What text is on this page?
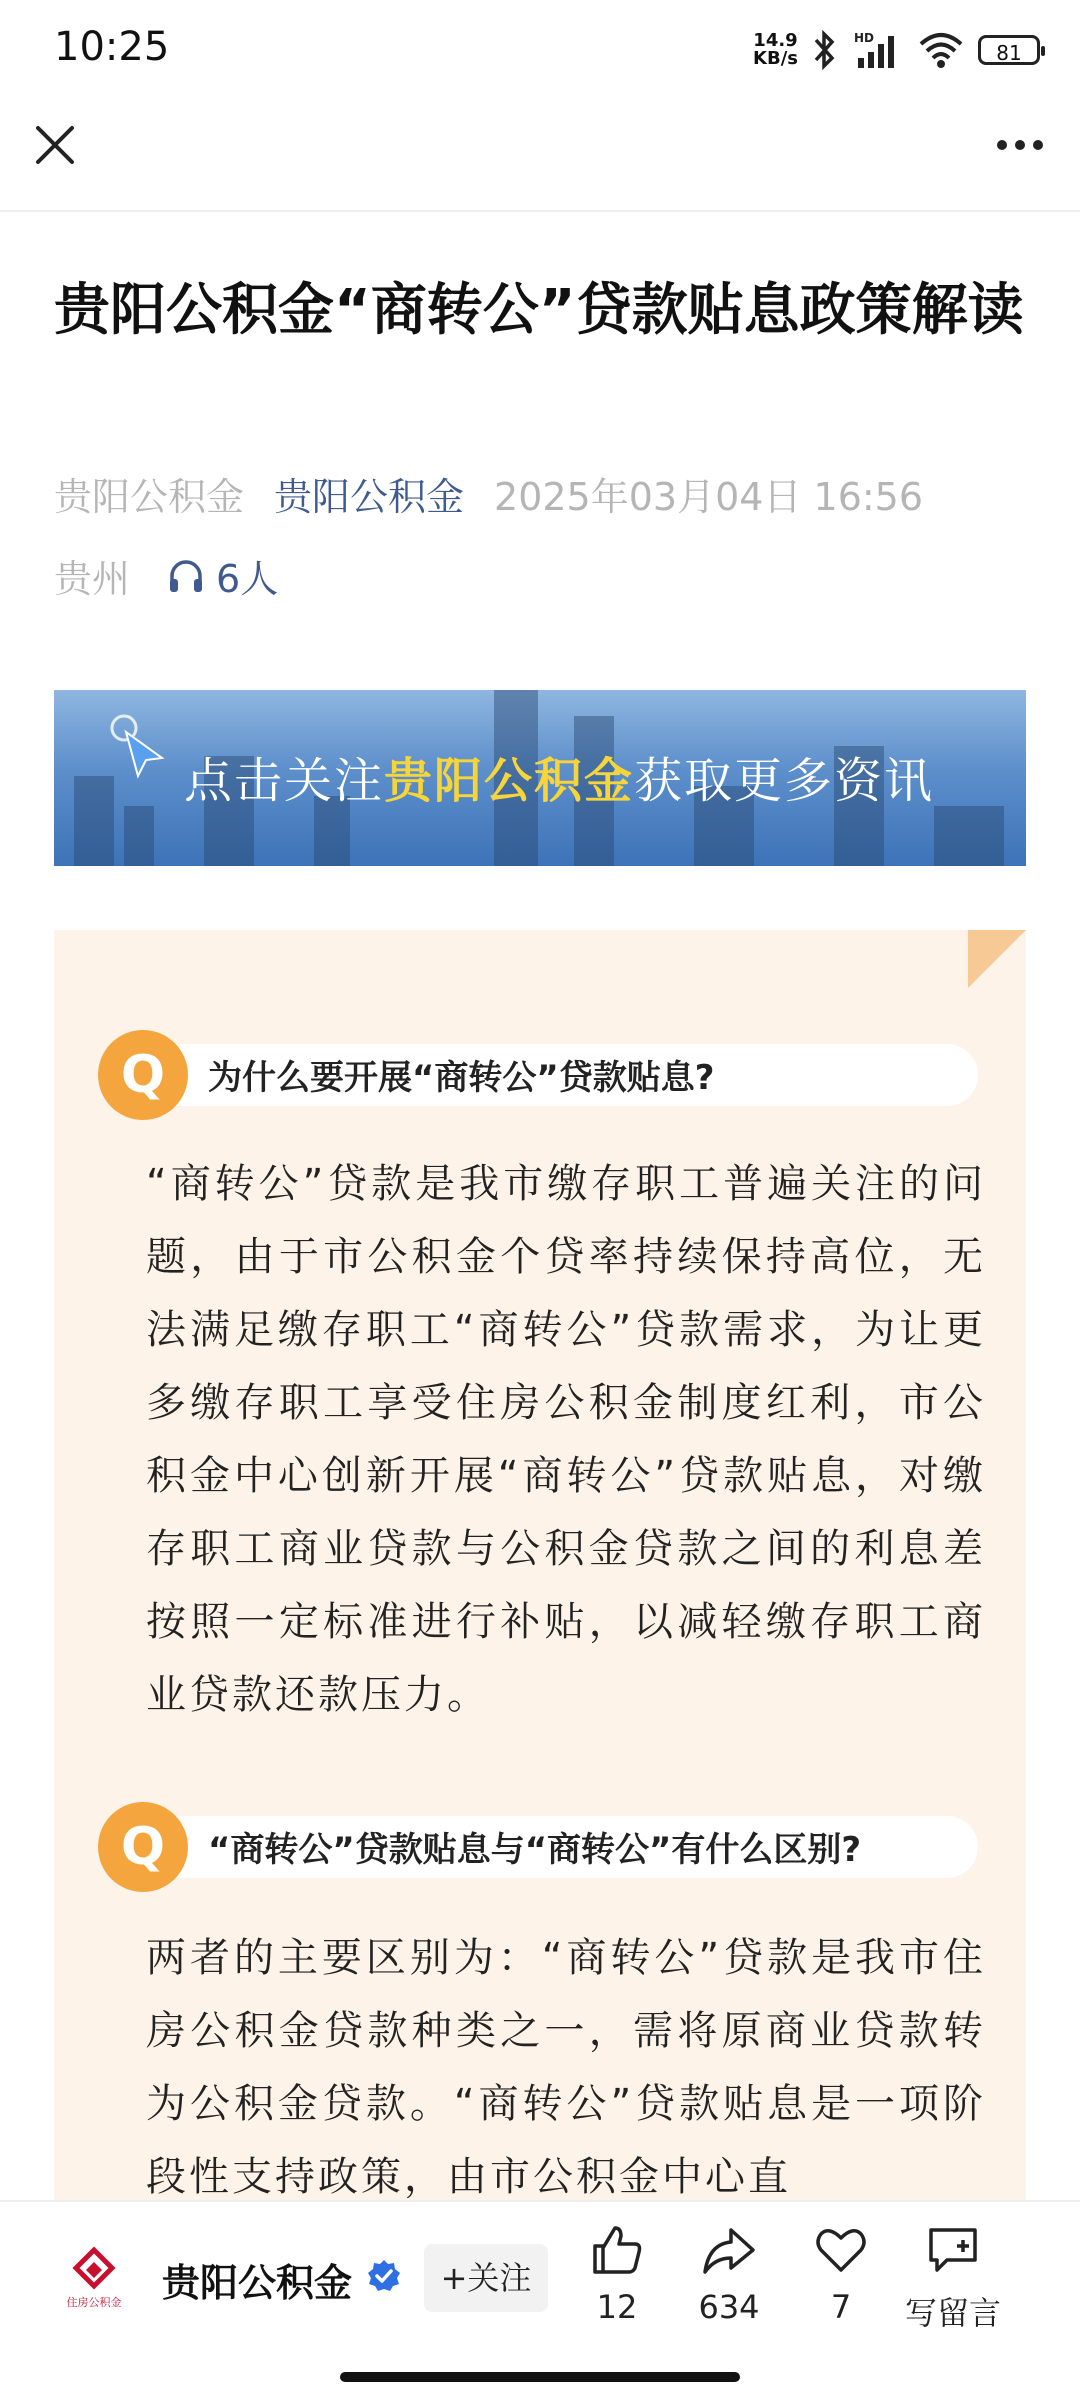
10:25	14.9
KB/s
HD
81
贵阳公积金“商转公”贷款贴息政策解读
贵阳公积金 贵阳公积金 2025年03月04日 16:56
贵州 6人
点击关注贵阳公积金获取更多资讯
Q	为什么要开展“商转公”贷款贴息?
“商转公”贷款是我市缴存职工普遍关注的问题，由于市公积金个贷率持续保持高位，无法满足缴存职工“商转公”贷款需求，为让更多缴存职工享受住房公积金制度红利，市公积金中心创新开展“商转公”贷款贴息，对缴存职工商业贷款与公积金贷款之间的利息差按照一定标准进行补贴，以减轻缴存职工商业贷款还款压力。
Q	“商转公”贷款贴息与“商转公”有什么区别?
两者的主要区别为：“商转公”贷款是我市住房公积金贷款种类之一，需将原商业贷款转为公积金贷款。“商转公”贷款贴息是一项阶段性支持政策，由市公积金中心直
住房公积金 贵阳公积金	+关注
12	634	7	写留言
